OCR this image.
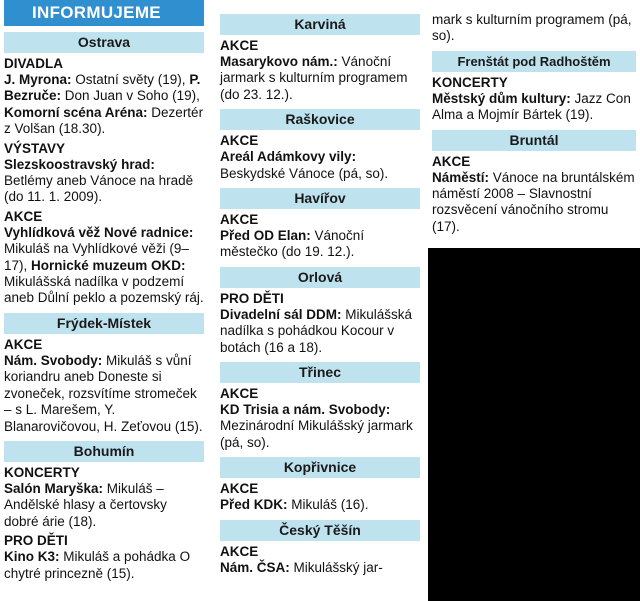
INFORMUJEME
Ostrava
DIVADLA

J. Myrona: Ostatní světy (19), P. Bezruče: Don Juan v Soho (19), Komorní scéna Aréna: Dezertér z Volšan (18.30).

VÝSTAVY

Slezskoostravský hrad: Betlémy aneb Vánoce na hradě (do 11. 1. 2009).

AKCE

Vyhlídková věž Nové radnice: Mikuláš na Vyhlídkové věži (9–17), Hornické muzeum OKD: Mikulášská nadílka v podzemí aneb Důlní peklo a pozemský ráj.

Frýdek-Místek
AKCE

Nám. Svobody: Mikuláš s vůní koriandru aneb Doneste si zvoneček, rozsvítíme stromeček – s L. Marešem, Y. Blanarovičovou, H. Zeťovou (15).

Bohumín
KONCERTY

Salón Maryška: Mikuláš – Andělské hlasy a čertovsky dobré árie (18).

PRO DĚTI

Kino K3: Mikuláš a pohádka O chytré princezně (15).

Karviná
AKCE

Masarykovo nám.: Vánoční jarmark s kulturním programem (do 23. 12.).

Raškovice
AKCE

Areál Adámkovy vily: Beskydské Vánoce (pá, so).

Havířov
AKCE

Před OD Elan: Vánoční městečko (do 19. 12.).

Orlová
PRO DĚTI

Divadelní sál DDM: Mikulášská nadílka s pohádkou Kocour v botách (16 a 18).

Třinec
AKCE

KD Trisia a nám. Svobody: Mezinárodní Mikulášský jarmark (pá, so).

Kopřivnice
AKCE

Před KDK: Mikuláš (16).

Český Těšín
AKCE

Nám. ČSA: Mikulášský jar-

mark s kulturním programem (pá, so).

Frenštát pod Radhoštěm
KONCERTY

Městský dům kultury: Jazz Con Alma a Mojmír Bártek (19).

Bruntál
AKCE

Náměstí: Vánoce na bruntálském náměstí 2008 – Slavnostní rozsvěcení vánočního stromu (17).
